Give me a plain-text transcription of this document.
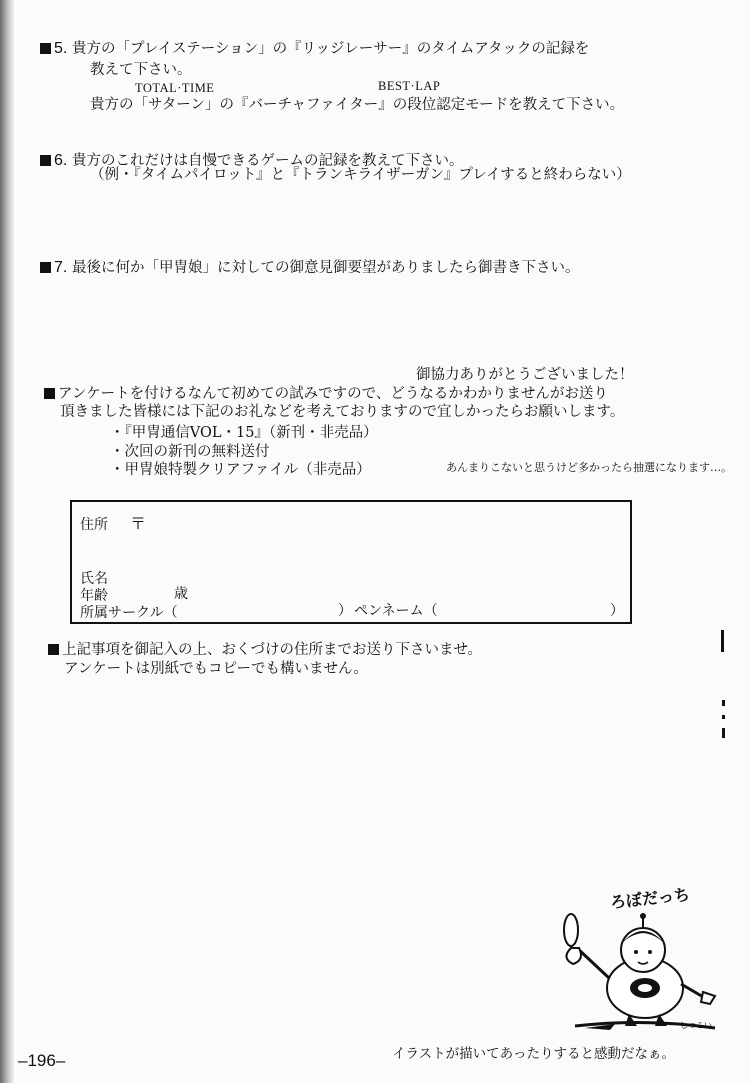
5. 貴方の「プレイステーション」の『リッジレーサー』のタイムアタックの記録を
教えて下さい。
TOTAL·TIME	BEST·LAP
貴方の「サターン」の『バーチャファイター』の段位認定モードを教えて下さい。
6. 貴方のこれだけは自慢できるゲームの記録を教えて下さい。
（例・『タイムパイロット』と『トランキライザーガン』プレイすると終わらない）
7. 最後に何か「甲冑娘」に対しての御意見御要望がありましたら御書き下さい。
御協力ありがとうございました！
アンケートを付けるなんて初めての試みですので、どうなるかわかりませんがお送り
頂きました皆様には下記のお礼などを考えておりますので宜しかったらお願いします。
・『甲冑通信VOL・15』（新刊・非売品）
・次回の新刊の無料送付
・甲冑娘特製クリアファイル（非売品）	あんまりこないと思うけど多かったら抽選になります…。
住所 〒
氏名
年齢	歳
所属サークル（	） ペンネーム（	）
上記事項を御記入の上、おくづけの住所までお送り下さいませ。
アンケートは別紙でもコピーでも構いません。
ろぼだっち
しつこい
イラストが描いてあったりすると感動だなぁ。
–196–
